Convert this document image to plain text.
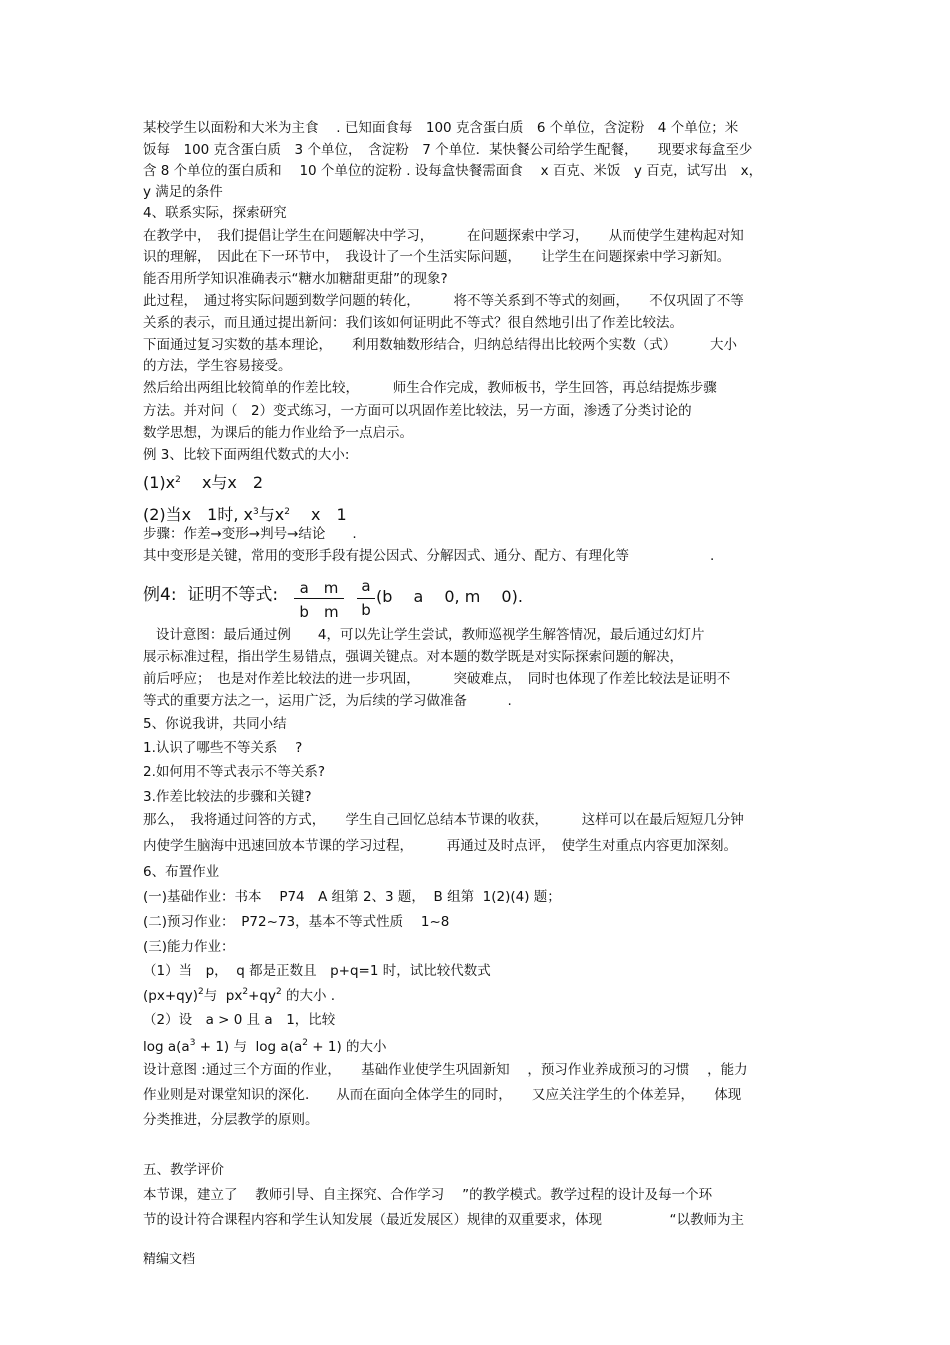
某校学生以面粉和大米为主食　 . 已知面食每　100 克含蛋白质　6 个单位，含淀粉　4 个单位；米
饭每　100 克含蛋白质　3 个单位，　含淀粉　7 个单位．某快餐公司给学生配餐，　　现要求每盒至少
含 8 个单位的蛋白质和　 10 个单位的淀粉 . 设每盒快餐需面食　 x 百克、米饭　y 百克，试写出　x，
y 满足的条件
4、联系实际，探索研究
在教学中，　我们提倡让学生在问题解决中学习，　　　在问题探索中学习，　　从而使学生建构起对知
识的理解，　因此在下一环节中，　我设计了一个生活实际问题，　　让学生在问题探索中学习新知。
能否用所学知识准确表示“糖水加糖甜更甜”的现象?
此过程，　通过将实际问题到数学问题的转化，　　　将不等关系到不等式的刻画，　　不仅巩固了不等
关系的表示，而且通过提出新问：我们该如何证明此不等式？很自然地引出了作差比较法。
下面通过复习实数的基本理论，　　利用数轴数形结合，归纳总结得出比较两个实数（式）　　　大小
的方法，学生容易接受。
然后给出两组比较简单的作差比较，　　　师生合作完成，教师板书，学生回答，再总结提炼步骤
方法。并对问（　2）变式练习，一方面可以巩固作差比较法，另一方面，渗透了分类讨论的
数学思想，为课后的能力作业给予一点启示。
例 3、比较下面两组代数式的大小:
$(1)x^2$　 x与x　2
(2)当x　1时, $x^3$与$x^2$　 x　1
步骤：作差→变形→判号→结论　　.
其中变形是关键，常用的变形手段有提公因式、分解因式、通分、配方、有理化等　　　　　　.
例4:  证明不等式:	a　m
b　m
a
b
(b　 a　 0, m　 0).
设计意图：最后通过例　　4，可以先让学生尝试，教师巡视学生解答情况，最后通过幻灯片
展示标准过程，指出学生易错点，强调关键点。对本题的数学既是对实际探索问题的解决，
前后呼应；　也是对作差比较法的进一步巩固，　　　突破难点，　同时也体现了作差比较法是证明不
等式的重要方法之一，运用广泛，为后续的学习做准备　　　.
5、你说我讲，共同小结
1.认识了哪些不等关系　 ?
2.如何用不等式表示不等关系?
3.作差比较法的步骤和关键?
那么，　我将通过问答的方式，　　学生自己回忆总结本节课的收获，　　　这样可以在最后短短几分钟
内使学生脑海中迅速回放本节课的学习过程，　　　再通过及时点评，　使学生对重点内容更加深刻。
6、布置作业
(一)基础作业：书本　 P74　A 组第 2、3 题，  B 组第  1(2)(4) 题；
(二)预习作业：　P72~73，基本不等式性质　 1~8
(三)能力作业：
（1）当　p，  q 都是正数且　p+q=1 时，试比较代数式
$(px+qy)^2$与  $px^2+qy^2$ 的大小 .
（2）设　a > 0 且 a　1，比较
$\log a(a^3 + 1)$ 与  $\log a(a^2 + 1)$ 的大小
设计意图 :通过三个方面的作业，　　基础作业使学生巩固新知　 ，预习作业养成预习的习惯　 ，能力
作业则是对课堂知识的深化.　　从而在面向全体学生的同时，　　又应关注学生的个体差异，　　体现
分类推进，分层教学的原则。
五、教学评价
本节课，建立了　 教师引导、自主探究、合作学习　 ”的教学模式。教学过程的设计及每一个环
节的设计符合课程内容和学生认知发展（最近发展区）规律的双重要求，体现　　　　　“以教师为主
精编文档
